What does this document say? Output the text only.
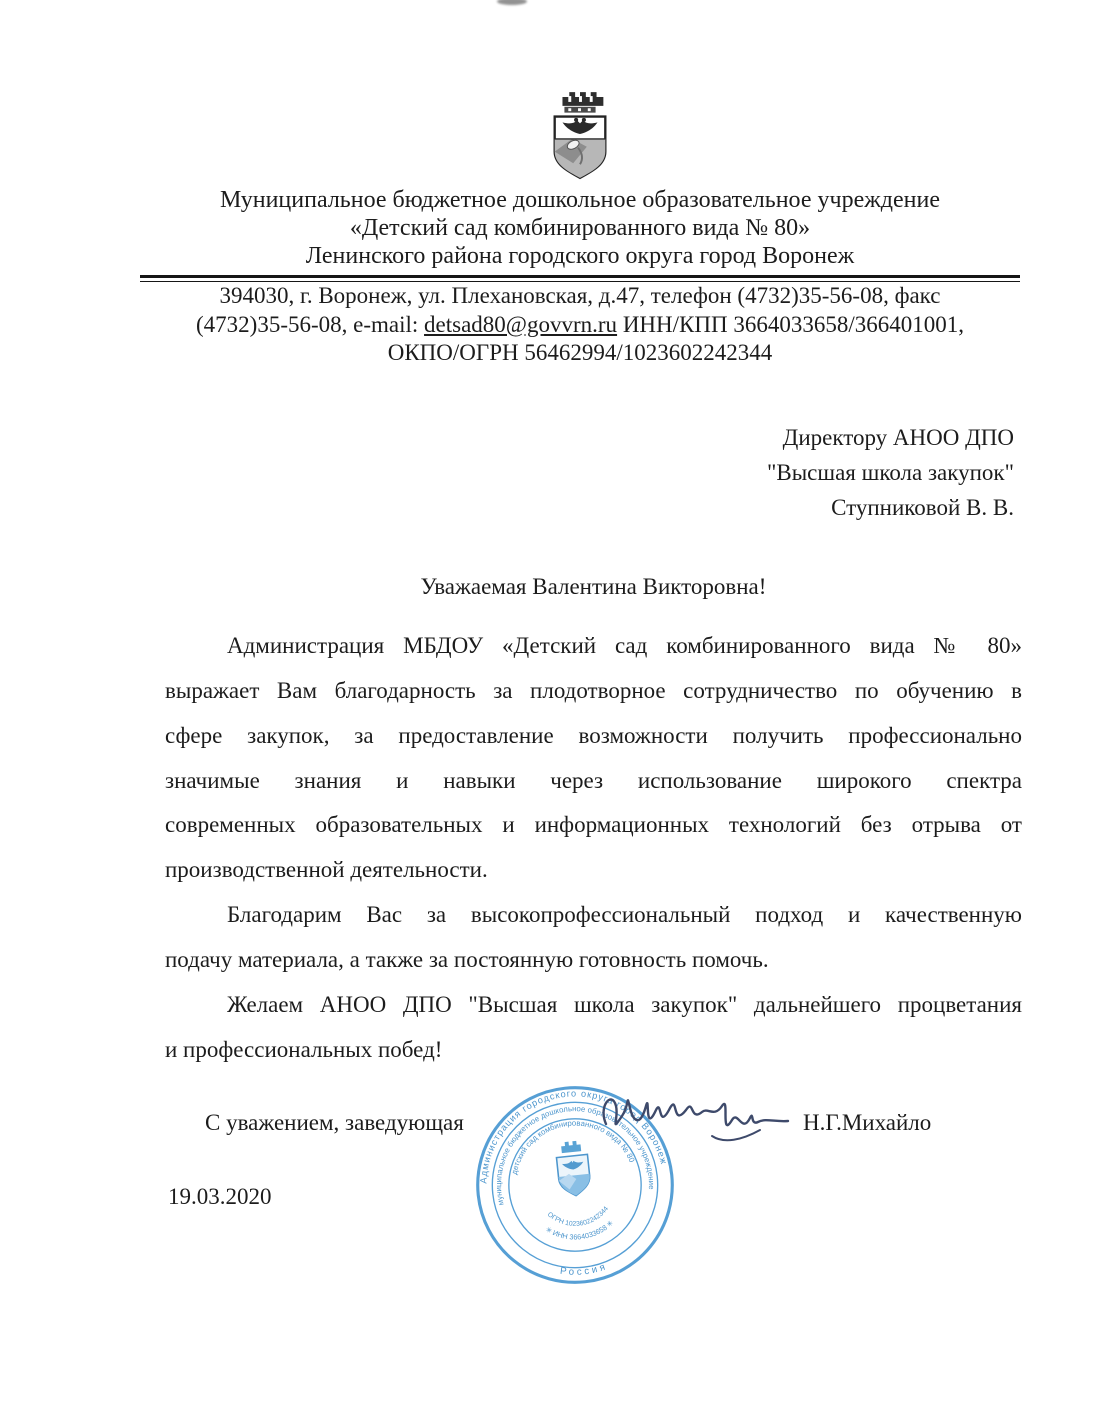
Муниципальное бюджетное дошкольное образовательное учреждение
«Детский сад комбинированного вида № 80»
Ленинского района городского округа город Воронеж
394030, г. Воронеж, ул. Плехановская, д.47, телефон (4732)35-56-08, факс
(4732)35-56-08, e-mail: detsad80@govvrn.ru ИНН/КПП 3664033658/366401001,
ОКПО/ОГРН 56462994/1023602242344
Директору АНОО ДПО
"Высшая школа закупок"
Ступниковой В. В.
Уважаемая Валентина Викторовна!
Администрация МБДОУ «Детский сад комбинированного вида № 80»
выражает Вам благодарность за плодотворное сотрудничество по обучению в
сфере закупок, за предоставление возможности получить профессионально
значимые знания и навыки через использование широкого спектра
современных образовательных и информационных технологий без отрыва от
производственной деятельности.
Благодарим Вас за высокопрофессиональный подход и качественную
подачу материала, а также за постоянную готовность помочь.
Желаем АНОО ДПО "Высшая школа закупок" дальнейшего процветания
и профессиональных побед!
С уважением, заведующая	Н.Г.Михайло
19.03.2020
Администрация городского округа город Воронеж
муниципальное бюджетное дошкольное образовательное учреждение
детский сад комбинированного вида № 80
Россия
ОГРН 1023602242344
✳ ИНН 3664033658 ✳
